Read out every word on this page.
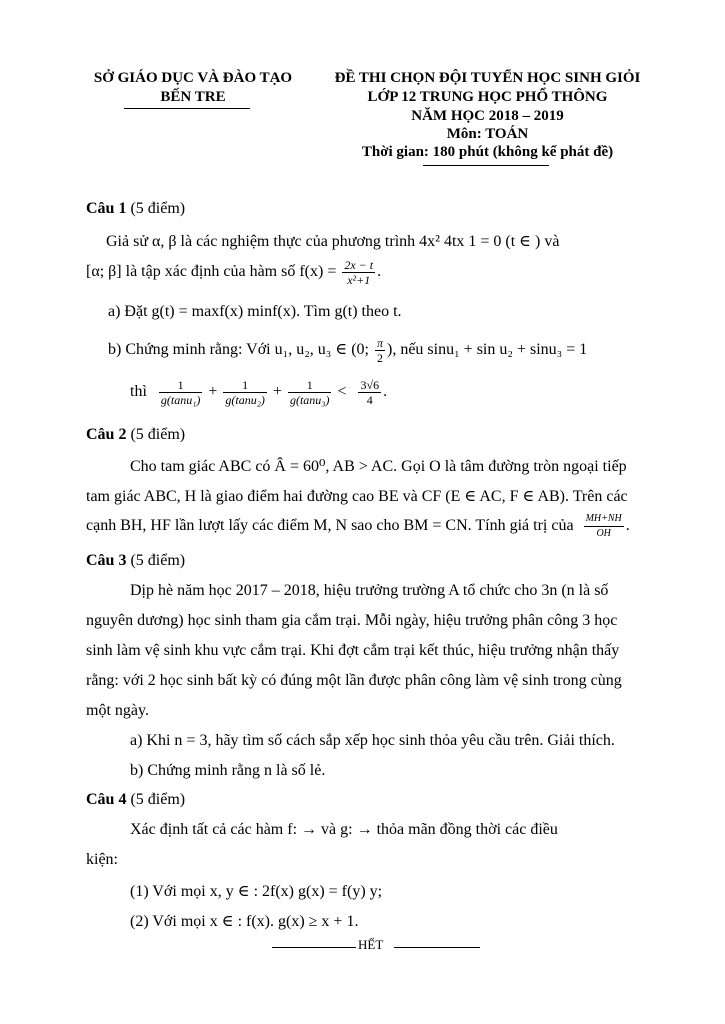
SỞ GIÁO DỤC VÀ ĐÀO TẠO
BẾN TRE
ĐỀ THI CHỌN ĐỘI TUYỂN HỌC SINH GIỎI
LỚP 12 TRUNG HỌC PHỔ THÔNG
NĂM HỌC 2018 – 2019
Môn: TOÁN
Thời gian: 180 phút (không kể phát đề)
Câu 1 (5 điểm)
Giả sử α, β là các nghiệm thực của phương trình 4x² 4tx 1 = 0 (t ∈ ) và
[α; β] là tập xác định của hàm số $f(x) = \frac{2x - t}{\text{x²+1}}$ .
a) Đặt g(t) = maxf(x) minf(x). Tìm g(t) theo t.
b) Chứng minh rằng: Với u₁, u₂, u₃ ∈ (0; $\frac{\pi}{2}$ ), nếu sinu₁ + sin u₂ + sinu₃ = 1
thì $\frac{1}{\text{g(tanu₁)}} + \frac{1}{\text{g(tanu₂)}} + \frac{1}{\text{g(tanu₃)}} < \frac{3√6}{4}$ .
Câu 2 (5 điểm)
Cho tam giác ABC có Â = 60⁰, AB > AC. Gọi O là tâm đường tròn ngoại tiếp
tam giác ABC, H là giao điểm hai đường cao BE và CF (E ∈ AC, F ∈ AB). Trên các
cạnh BH, HF lần lượt lấy các điểm M, N sao cho BM = CN. Tính giá trị của $\frac{MH+NH}{OH}$ .
Câu 3 (5 điểm)
Dịp hè năm học 2017 – 2018, hiệu trưởng trường A tổ chức cho 3n (n là số
nguyên dương) học sinh tham gia cắm trại. Mỗi ngày, hiệu trưởng phân công 3 học
sinh làm vệ sinh khu vực cắm trại. Khi đợt cắm trại kết thúc, hiệu trưởng nhận thấy
rằng: với 2 học sinh bất kỳ có đúng một lần được phân công làm vệ sinh trong cùng
một ngày.
a) Khi n = 3, hãy tìm số cách sắp xếp học sinh thỏa yêu cầu trên. Giải thích.
b) Chứng minh rằng n là số lẻ.
Câu 4 (5 điểm)
Xác định tất cả các hàm f: → và g: → thỏa mãn đồng thời các điều
kiện:
(1) Với mọi x, y ∈ : 2f(x) g(x) = f(y) y;
(2) Với mọi x ∈ : f(x). g(x) ≥ x + 1.
HẾT
